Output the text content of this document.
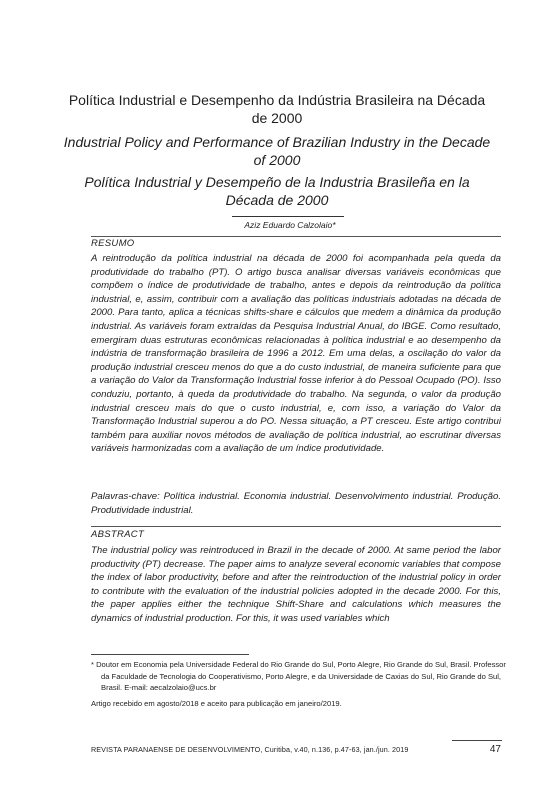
Política Industrial e Desempenho da Indústria Brasileira na Década de 2000
Industrial Policy and Performance of Brazilian Industry in the Decade of 2000
Política Industrial y Desempeño de la Industria Brasileña en la Década de 2000
Aziz Eduardo Calzolaio*
RESUMO

A reintrodução da política industrial na década de 2000 foi acompanhada pela queda da produtividade do trabalho (PT). O artigo busca analisar diversas variáveis econômicas que compõem o índice de produtividade de trabalho, antes e depois da reintrodução da política industrial, e, assim, contribuir com a avaliação das políticas industriais adotadas na década de 2000. Para tanto, aplica a técnicas shifts-share e cálculos que medem a dinâmica da produção industrial. As variáveis foram extraídas da Pesquisa Industrial Anual, do IBGE. Como resultado, emergiram duas estruturas econômicas relacionadas à política industrial e ao desempenho da indústria de transformação brasileira de 1996 a 2012. Em uma delas, a oscilação do valor da produção industrial cresceu menos do que a do custo industrial, de maneira suficiente para que a variação do Valor da Transformação Industrial fosse inferior à do Pessoal Ocupado (PO). Isso conduziu, portanto, à queda da produtividade do trabalho. Na segunda, o valor da produção industrial cresceu mais do que o custo industrial, e, com isso, a variação do Valor da Transformação Industrial superou a do PO. Nessa situação, a PT cresceu. Este artigo contribui também para auxiliar novos métodos de avaliação de política industrial, ao escrutinar diversas variáveis harmonizadas com a avaliação de um índice produtividade.

Palavras-chave: Política industrial. Economia industrial. Desenvolvimento industrial. Produção. Produtividade industrial.

ABSTRACT

The industrial policy was reintroduced in Brazil in the decade of 2000. At same period the labor productivity (PT) decrease. The paper aims to analyze several economic variables that compose the index of labor productivity, before and after the reintroduction of the industrial policy in order to contribute with the evaluation of the industrial policies adopted in the decade 2000. For this, the paper applies either the technique Shift-Share and calculations which measures the dynamics of industrial production. For this, it was used variables which

* Doutor em Economia pela Universidade Federal do Rio Grande do Sul, Porto Alegre, Rio Grande do Sul, Brasil. Professor da Faculdade de Tecnologia do Cooperativismo, Porto Alegre, e da Universidade de Caxias do Sul, Rio Grande do Sul, Brasil. E-mail: aecalzolaio@ucs.br

Artigo recebido em agosto/2018 e aceito para publicação em janeiro/2019.

REVISTA PARANAENSE DE DESENVOLVIMENTO, Curitiba, v.40, n.136, p.47-63, jan./jun. 2019	47
